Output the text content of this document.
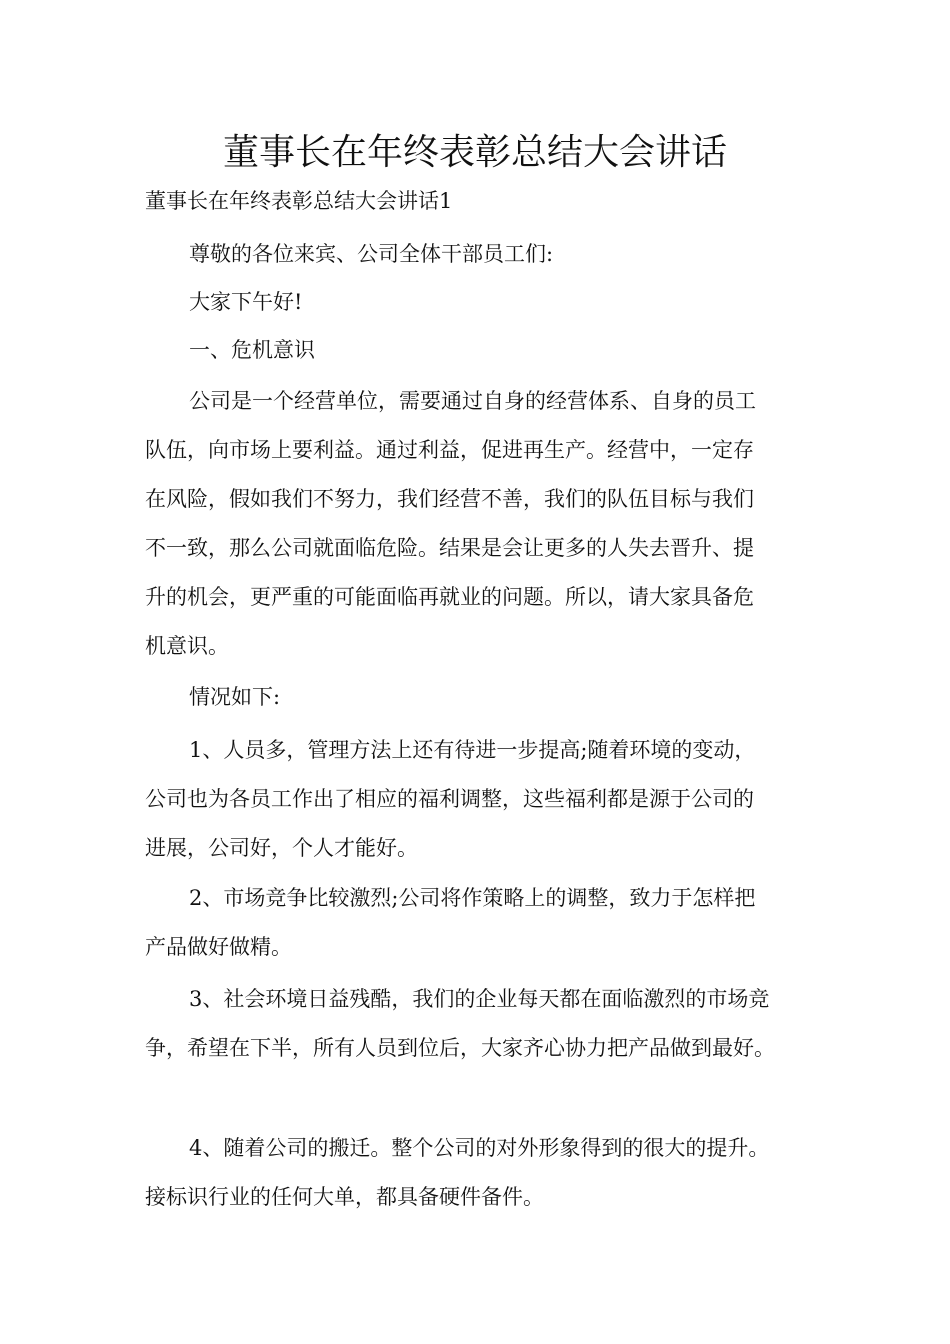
董事长在年终表彰总结大会讲话

董事长在年终表彰总结大会讲话1

尊敬的各位来宾、公司全体干部员工们:

大家下午好!

一、危机意识

公司是一个经营单位，需要通过自身的经营体系、自身的员工

队伍，向市场上要利益。通过利益，促进再生产。经营中，一定存

在风险，假如我们不努力，我们经营不善，我们的队伍目标与我们

不一致，那么公司就面临危险。结果是会让更多的人失去晋升、提

升的机会，更严重的可能面临再就业的问题。所以，请大家具备危

机意识。

情况如下:

1、人员多，管理方法上还有待进一步提高;随着环境的变动，

公司也为各员工作出了相应的福利调整，这些福利都是源于公司的

进展，公司好，个人才能好。

2、市场竞争比较激烈;公司将作策略上的调整，致力于怎样把

产品做好做精。

3、社会环境日益残酷，我们的企业每天都在面临激烈的市场竞

争，希望在下半，所有人员到位后，大家齐心协力把产品做到最好。

4、随着公司的搬迁。整个公司的对外形象得到的很大的提升。

接标识行业的任何大单，都具备硬件备件。
